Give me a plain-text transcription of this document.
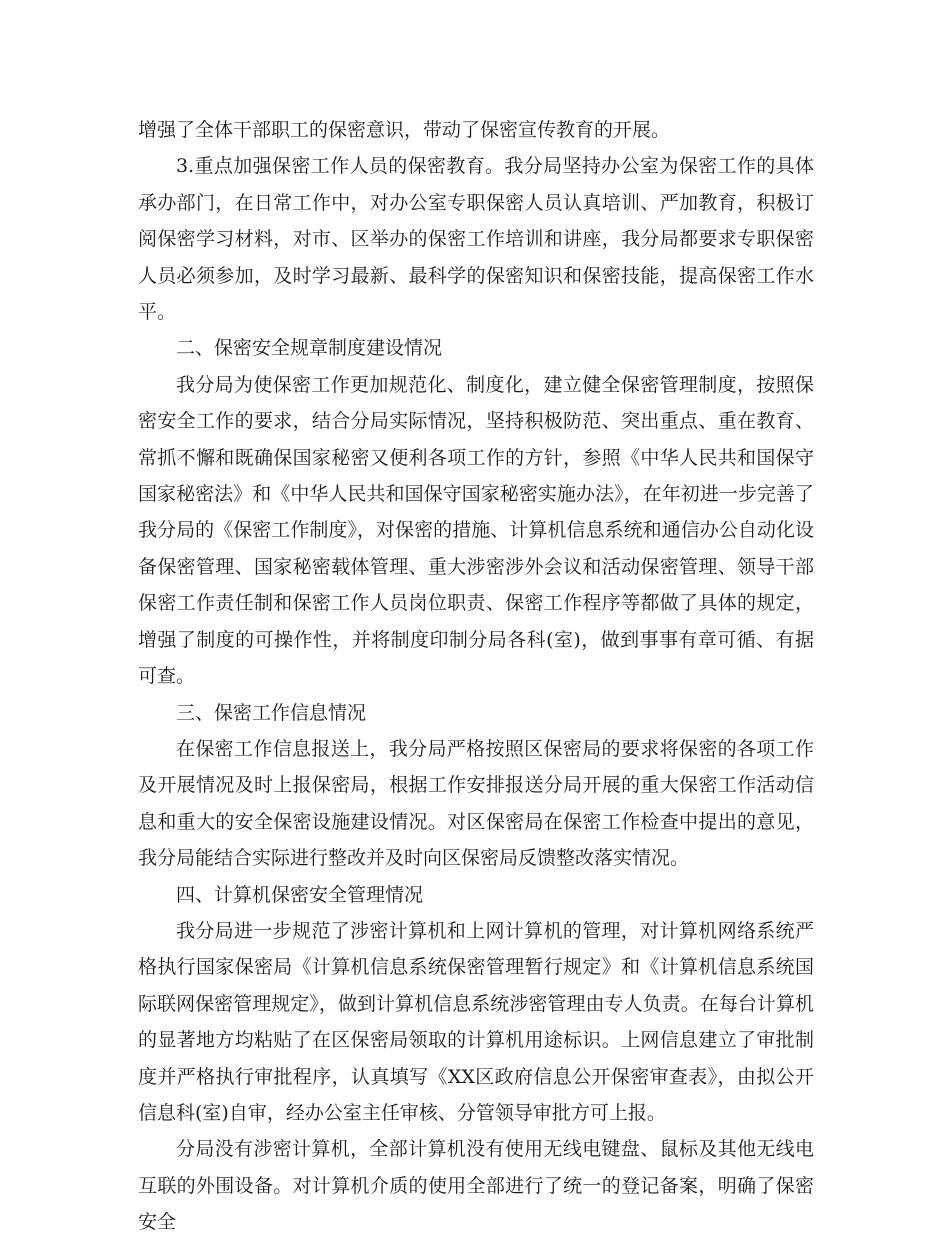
增强了全体干部职工的保密意识，带动了保密宣传教育的开展。

3.重点加强保密工作人员的保密教育。我分局坚持办公室为保密工作的具体承办部门，在日常工作中，对办公室专职保密人员认真培训、严加教育，积极订阅保密学习材料，对市、区举办的保密工作培训和讲座，我分局都要求专职保密人员必须参加，及时学习最新、最科学的保密知识和保密技能，提高保密工作水平。

二、保密安全规章制度建设情况

我分局为使保密工作更加规范化、制度化，建立健全保密管理制度，按照保密安全工作的要求，结合分局实际情况，坚持积极防范、突出重点、重在教育、常抓不懈和既确保国家秘密又便利各项工作的方针，参照《中华人民共和国保守国家秘密法》和《中华人民共和国保守国家秘密实施办法》，在年初进一步完善了我分局的《保密工作制度》，对保密的措施、计算机信息系统和通信办公自动化设备保密管理、国家秘密载体管理、重大涉密涉外会议和活动保密管理、领导干部保密工作责任制和保密工作人员岗位职责、保密工作程序等都做了具体的规定，增强了制度的可操作性，并将制度印制分局各科(室)，做到事事有章可循、有据可查。

三、保密工作信息情况

在保密工作信息报送上，我分局严格按照区保密局的要求将保密的各项工作及开展情况及时上报保密局，根据工作安排报送分局开展的重大保密工作活动信息和重大的安全保密设施建设情况。对区保密局在保密工作检查中提出的意见，我分局能结合实际进行整改并及时向区保密局反馈整改落实情况。

四、计算机保密安全管理情况

我分局进一步规范了涉密计算机和上网计算机的管理，对计算机网络系统严格执行国家保密局《计算机信息系统保密管理暂行规定》和《计算机信息系统国际联网保密管理规定》，做到计算机信息系统涉密管理由专人负责。在每台计算机的显著地方均粘贴了在区保密局领取的计算机用途标识。上网信息建立了审批制度并严格执行审批程序，认真填写《XX区政府信息公开保密审查表》，由拟公开信息科(室)自审，经办公室主任审核、分管领导审批方可上报。

分局没有涉密计算机，全部计算机没有使用无线电键盘、鼠标及其他无线电互联的外围设备。对计算机介质的使用全部进行了统一的登记备案，明确了保密安全
